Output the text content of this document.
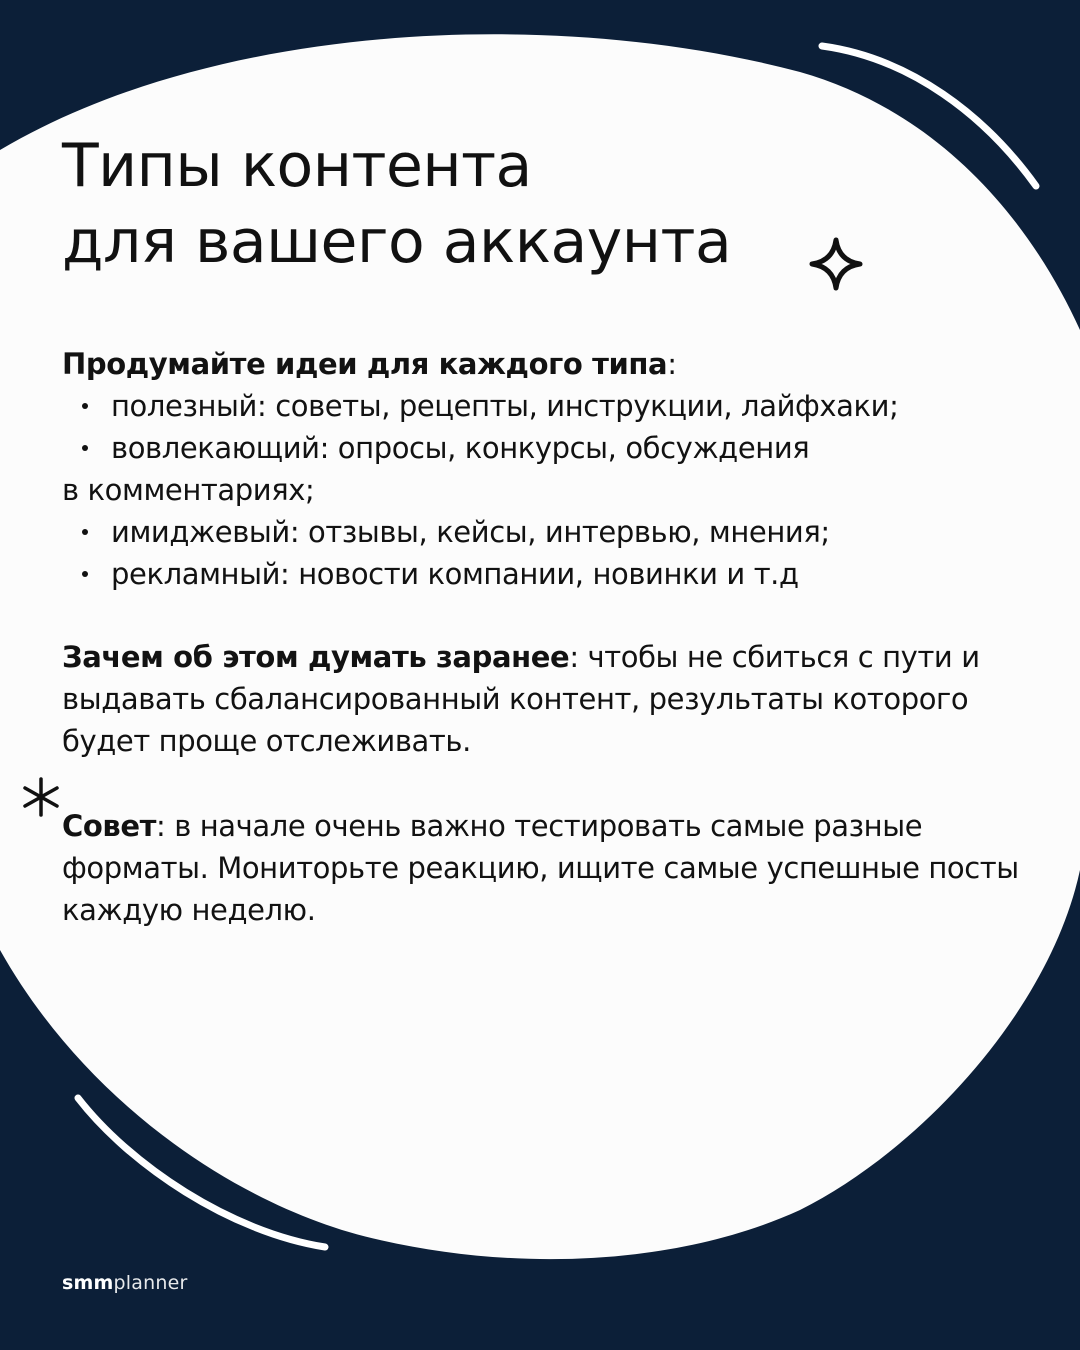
Типы контента
для вашего аккаунта
Продумайте идеи для каждого типа:
полезный: советы, рецепты, инструкции, лайфхаки;
вовлекающий: опросы, конкурсы, обсуждения
в комментариях;
имиджевый: отзывы, кейсы, интервью, мнения;
рекламный: новости компании, новинки и т.д

Зачем об этом думать заранее: чтобы не сбиться с пути и выдавать сбалансированный контент, результаты которого будет проще отслеживать.

Совет: в начале очень важно тестировать самые разные форматы. Мониторьте реакцию, ищите самые успешные посты каждую неделю.

smmplanner
